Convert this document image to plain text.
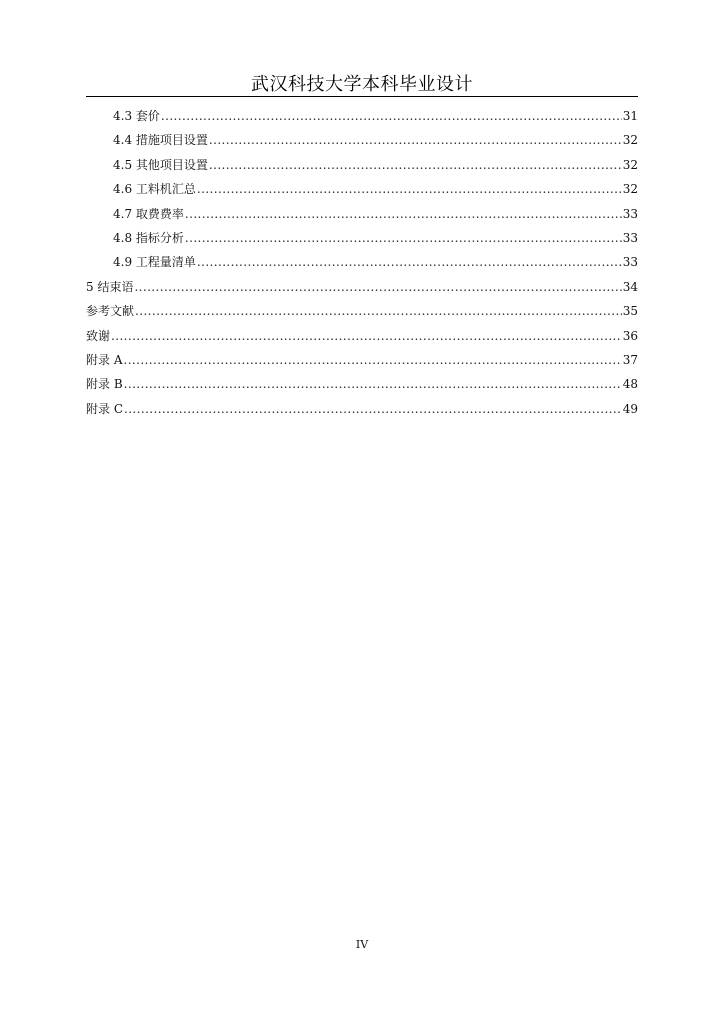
武汉科技大学本科毕业设计
4.3 套价 .....	31
4.4 措施项目设置 .....	32
4.5 其他项目设置 .....	32
4.6 工料机汇总 .....	32
4.7 取费费率 .....	33
4.8 指标分析 .....	33
4.9 工程量清单 .....	33
5 结束语 .....	34
参考文献 .....	35
致谢 .....	36
附录 A .....	37
附录 B .....	48
附录 C .....	49
IV
